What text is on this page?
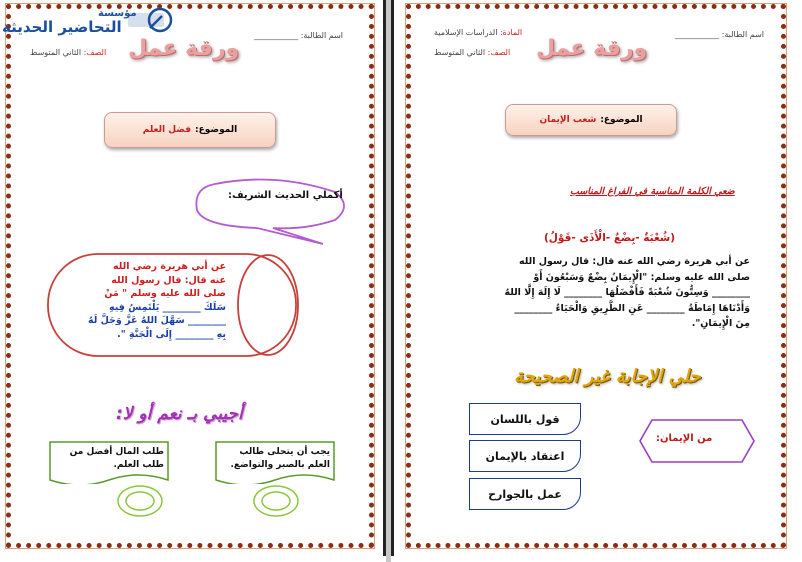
مؤسسة
التحاضير الحديثة	اسم الطالبة: ___________
الصف: الثاني المتوسط	ورقة عمل
الموضوع:
فضل العلم
أكملي الحديث الشريف:
عن أبي هريرة رضي الله
عنه قال: قال رسول الله
صلى الله عليه وسلم " مَنْ
سَلَكَ ________ يَلْتَمِسُ فِيهِ
________ سَهَّلَ اللهُ عَزَّ وَجَلَّ لَهُ
بِهِ ________ إِلَى الْجَنَّةِ ".
أجيبي بـ نعم أو لا:
يجب أن يتحلى طالب العلم بالصبر والتواضع.
طلب المال أفضل من طلب العلم.
اسم الطالبة: ___________
المادة: الدراسات الإسلامية
الصف: الثاني المتوسط	ورقة عمل
الموضوع:
شعب الإيمان
ضعي الكلمة المناسبة في الفراغ المناسب
(شُعْبَةٌ -بِضْعٌ -الْأَذَى -قَوْلُ)
عن أبي هريرة رضي الله عنه قال: قال رسول الله
صلى الله عليه وسلم: "الْإِيمَانُ بِضْعٌ وَسَبْعُونَ أَوْ
________ وَسِتُّونَ شُعْبَةً فَأَفْضَلُهَا ________ لَا إِلَهَ إِلَّا اللهُ
وَأَدْنَاهَا إِمَاطَةُ ________ عَنِ الطَّرِيقِ وَالْحَيَاءُ ________
مِنَ الْإِيمَانِ".
حلي الإجابة غير الصحيحة
من الإيمان:
قول باللسان
اعتقاد بالإيمان
عمل بالجوارح
